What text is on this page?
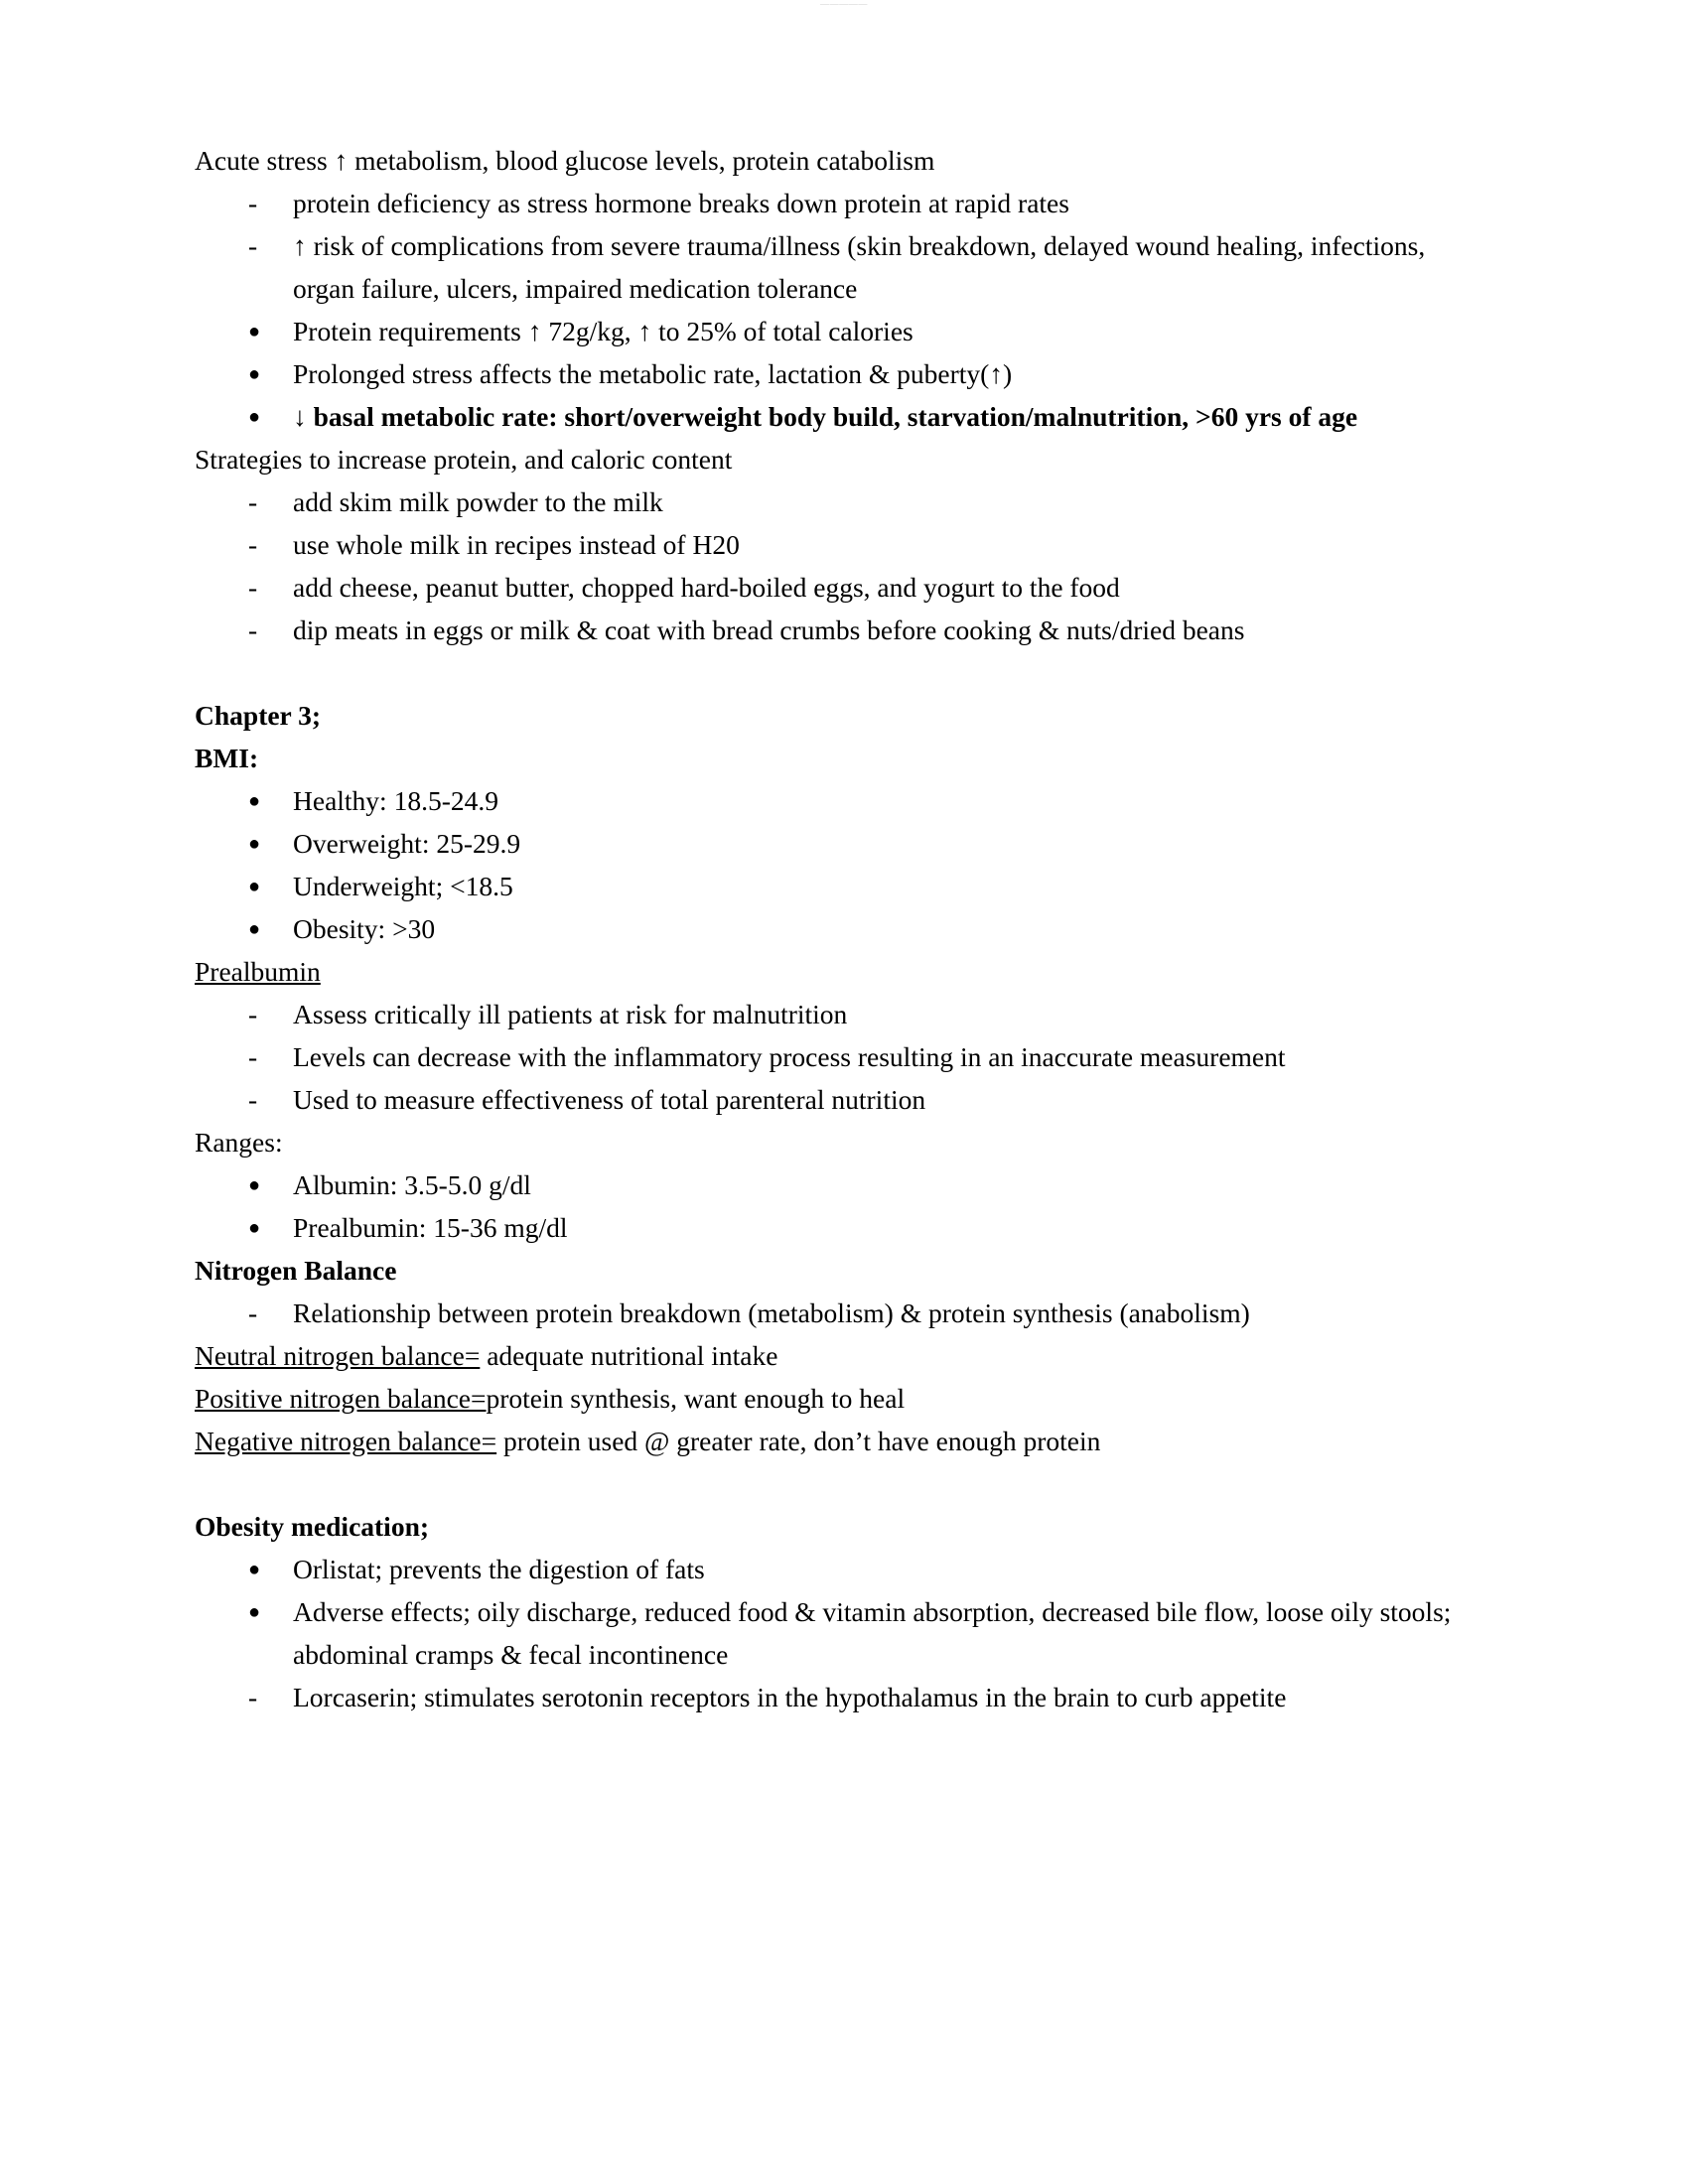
—————

Acute stress ↑ metabolism, blood glucose levels, protein catabolism

-	protein deficiency as stress hormone breaks down protein at rapid rates
-	↑ risk of complications from severe trauma/illness (skin breakdown, delayed wound healing, infections, organ failure, ulcers, impaired medication tolerance
●	Protein requirements ↑ 72g/kg, ↑ to 25% of total calories
●	Prolonged stress affects the metabolic rate, lactation & puberty(↑)
●	↓ basal metabolic rate: short/overweight body build, starvation/malnutrition, >60 yrs of age

Strategies to increase protein, and caloric content

-	add skim milk powder to the milk
-	use whole milk in recipes instead of H20
-	add cheese, peanut butter, chopped hard-boiled eggs, and yogurt to the food
-	dip meats in eggs or milk & coat with bread crumbs before cooking & nuts/dried beans

Chapter 3;

BMI:

●	Healthy: 18.5-24.9
●	Overweight: 25-29.9
●	Underweight; <18.5
●	Obesity: >30

Prealbumin

-	Assess critically ill patients at risk for malnutrition
-	Levels can decrease with the inflammatory process resulting in an inaccurate measurement
-	Used to measure effectiveness of total parenteral nutrition

Ranges:

●	Albumin: 3.5-5.0 g/dl
●	Prealbumin: 15-36 mg/dl

Nitrogen Balance

-	Relationship between protein breakdown (metabolism) & protein synthesis (anabolism)

Neutral nitrogen balance= adequate nutritional intake

Positive nitrogen balance=protein synthesis, want enough to heal

Negative nitrogen balance= protein used @ greater rate, don’t have enough protein

Obesity medication;

●	Orlistat; prevents the digestion of fats
●	Adverse effects; oily discharge, reduced food & vitamin absorption, decreased bile flow, loose oily stools; abdominal cramps & fecal incontinence
-	Lorcaserin; stimulates serotonin receptors in the hypothalamus in the brain to curb appetite
